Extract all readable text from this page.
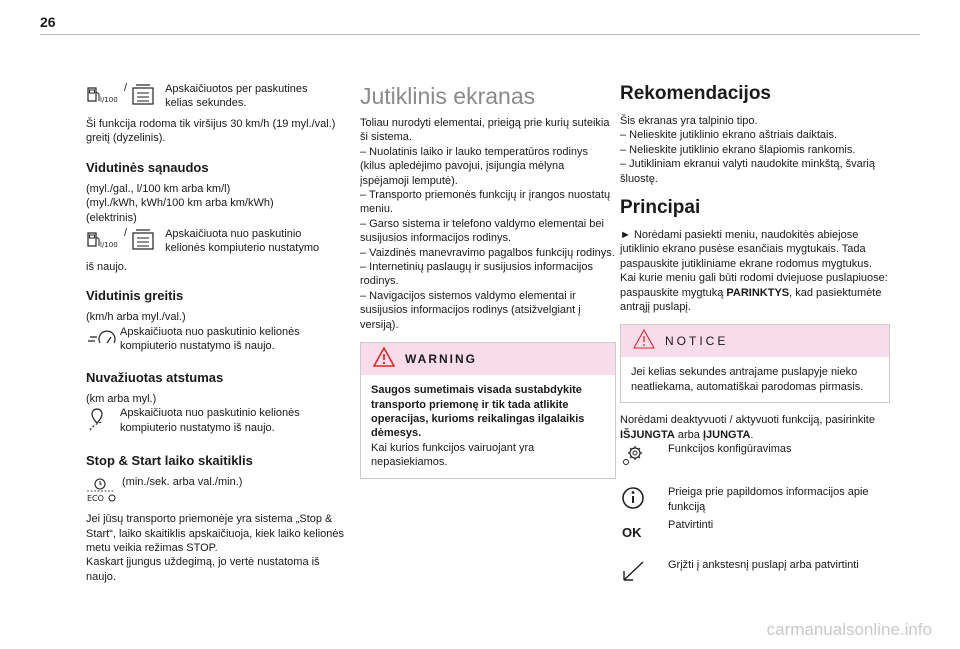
26
l/100
/	Apskaičiuotos per paskutines kelias sekundes.

Ši funkcija rodoma tik viršijus 30 km/h (19 myl./val.) greitį (dyzelinis).

Vidutinės sąnaudos

(myl./gal., l/100 km arba km/l)
(myl./kWh, kWh/100 km arba km/kWh)
(elektrinis)

l/100
/	Apskaičiuota nuo paskutinio kelionės kompiuterio nustatymo

iš naujo.

Vidutinis greitis

(km/h arba myl./val.)

Apskaičiuota nuo paskutinio kelionės kompiuterio nustatymo iš naujo.

Nuvažiuotas atstumas

(km arba myl.)

Apskaičiuota nuo paskutinio kelionės kompiuterio nustatymo iš naujo.

Stop & Start laiko skaitiklis

ECO

(min./sek. arba val./min.)

Jei jūsų transporto priemonėje yra sistema „Stop & Start“, laiko skaitiklis apskaičiuoja, kiek laiko kelionės metu veikia režimas STOP.
Kaskart įjungus uždegimą, jo vertė nustatoma iš naujo.

Jutiklinis ekranas

Toliau nurodyti elementai, prieigą prie kurių suteikia ši sistema.

– Nuolatinis laiko ir lauko temperatūros rodinys (kilus apledėjimo pavojui, įsijungia mėlyna įspėjamoji lemputė).

– Transporto priemonės funkcijų ir įrangos nuostatų meniu.

– Garso sistema ir telefono valdymo elementai bei susijusios informacijos rodinys.

– Vaizdinės manevravimo pagalbos funkcijų rodinys.

– Internetinių paslaugų ir susijusios informacijos rodinys.

– Navigacijos sistemos valdymo elementai ir susijusios informacijos rodinys (atsižvelgiant į versiją).

WARNING

Saugos sumetimais visada sustabdykite transporto priemonę ir tik tada atlikite operacijas, kurioms reikalingas ilgalaikis dėmesys.

Kai kurios funkcijos vairuojant yra nepasiekiamos.

Rekomendacijos

Šis ekranas yra talpinio tipo.

– Nelieskite jutiklinio ekrano aštriais daiktais.

– Nelieskite jutiklinio ekrano šlapiomis rankomis.

– Jutikliniam ekranui valyti naudokite minkštą, švarią šluostę.

Principai

► Norėdami pasiekti meniu, naudokitės abiejose jutiklinio ekrano pusėse esančiais mygtukais. Tada paspauskite jutikliniame ekrane rodomus mygtukus.

Kai kurie meniu gali būti rodomi dviejuose puslapiuose: paspauskite mygtuką PARINKTYS, kad pasiektumėte antrąjį puslapį.

NOTICE

Jei kelias sekundes antrajame puslapyje nieko neatliekama, automatiškai parodomas pirmasis.

Norėdami deaktyvuoti / aktyvuoti funkciją, pasirinkite IŠJUNGTA arba ĮJUNGTA.

Funkcijos konfigūravimas

Prieiga prie papildomos informacijos apie funkciją

OK	Patvirtinti

Grįžti į ankstesnį puslapį arba patvirtinti

carmanualsonline.info
